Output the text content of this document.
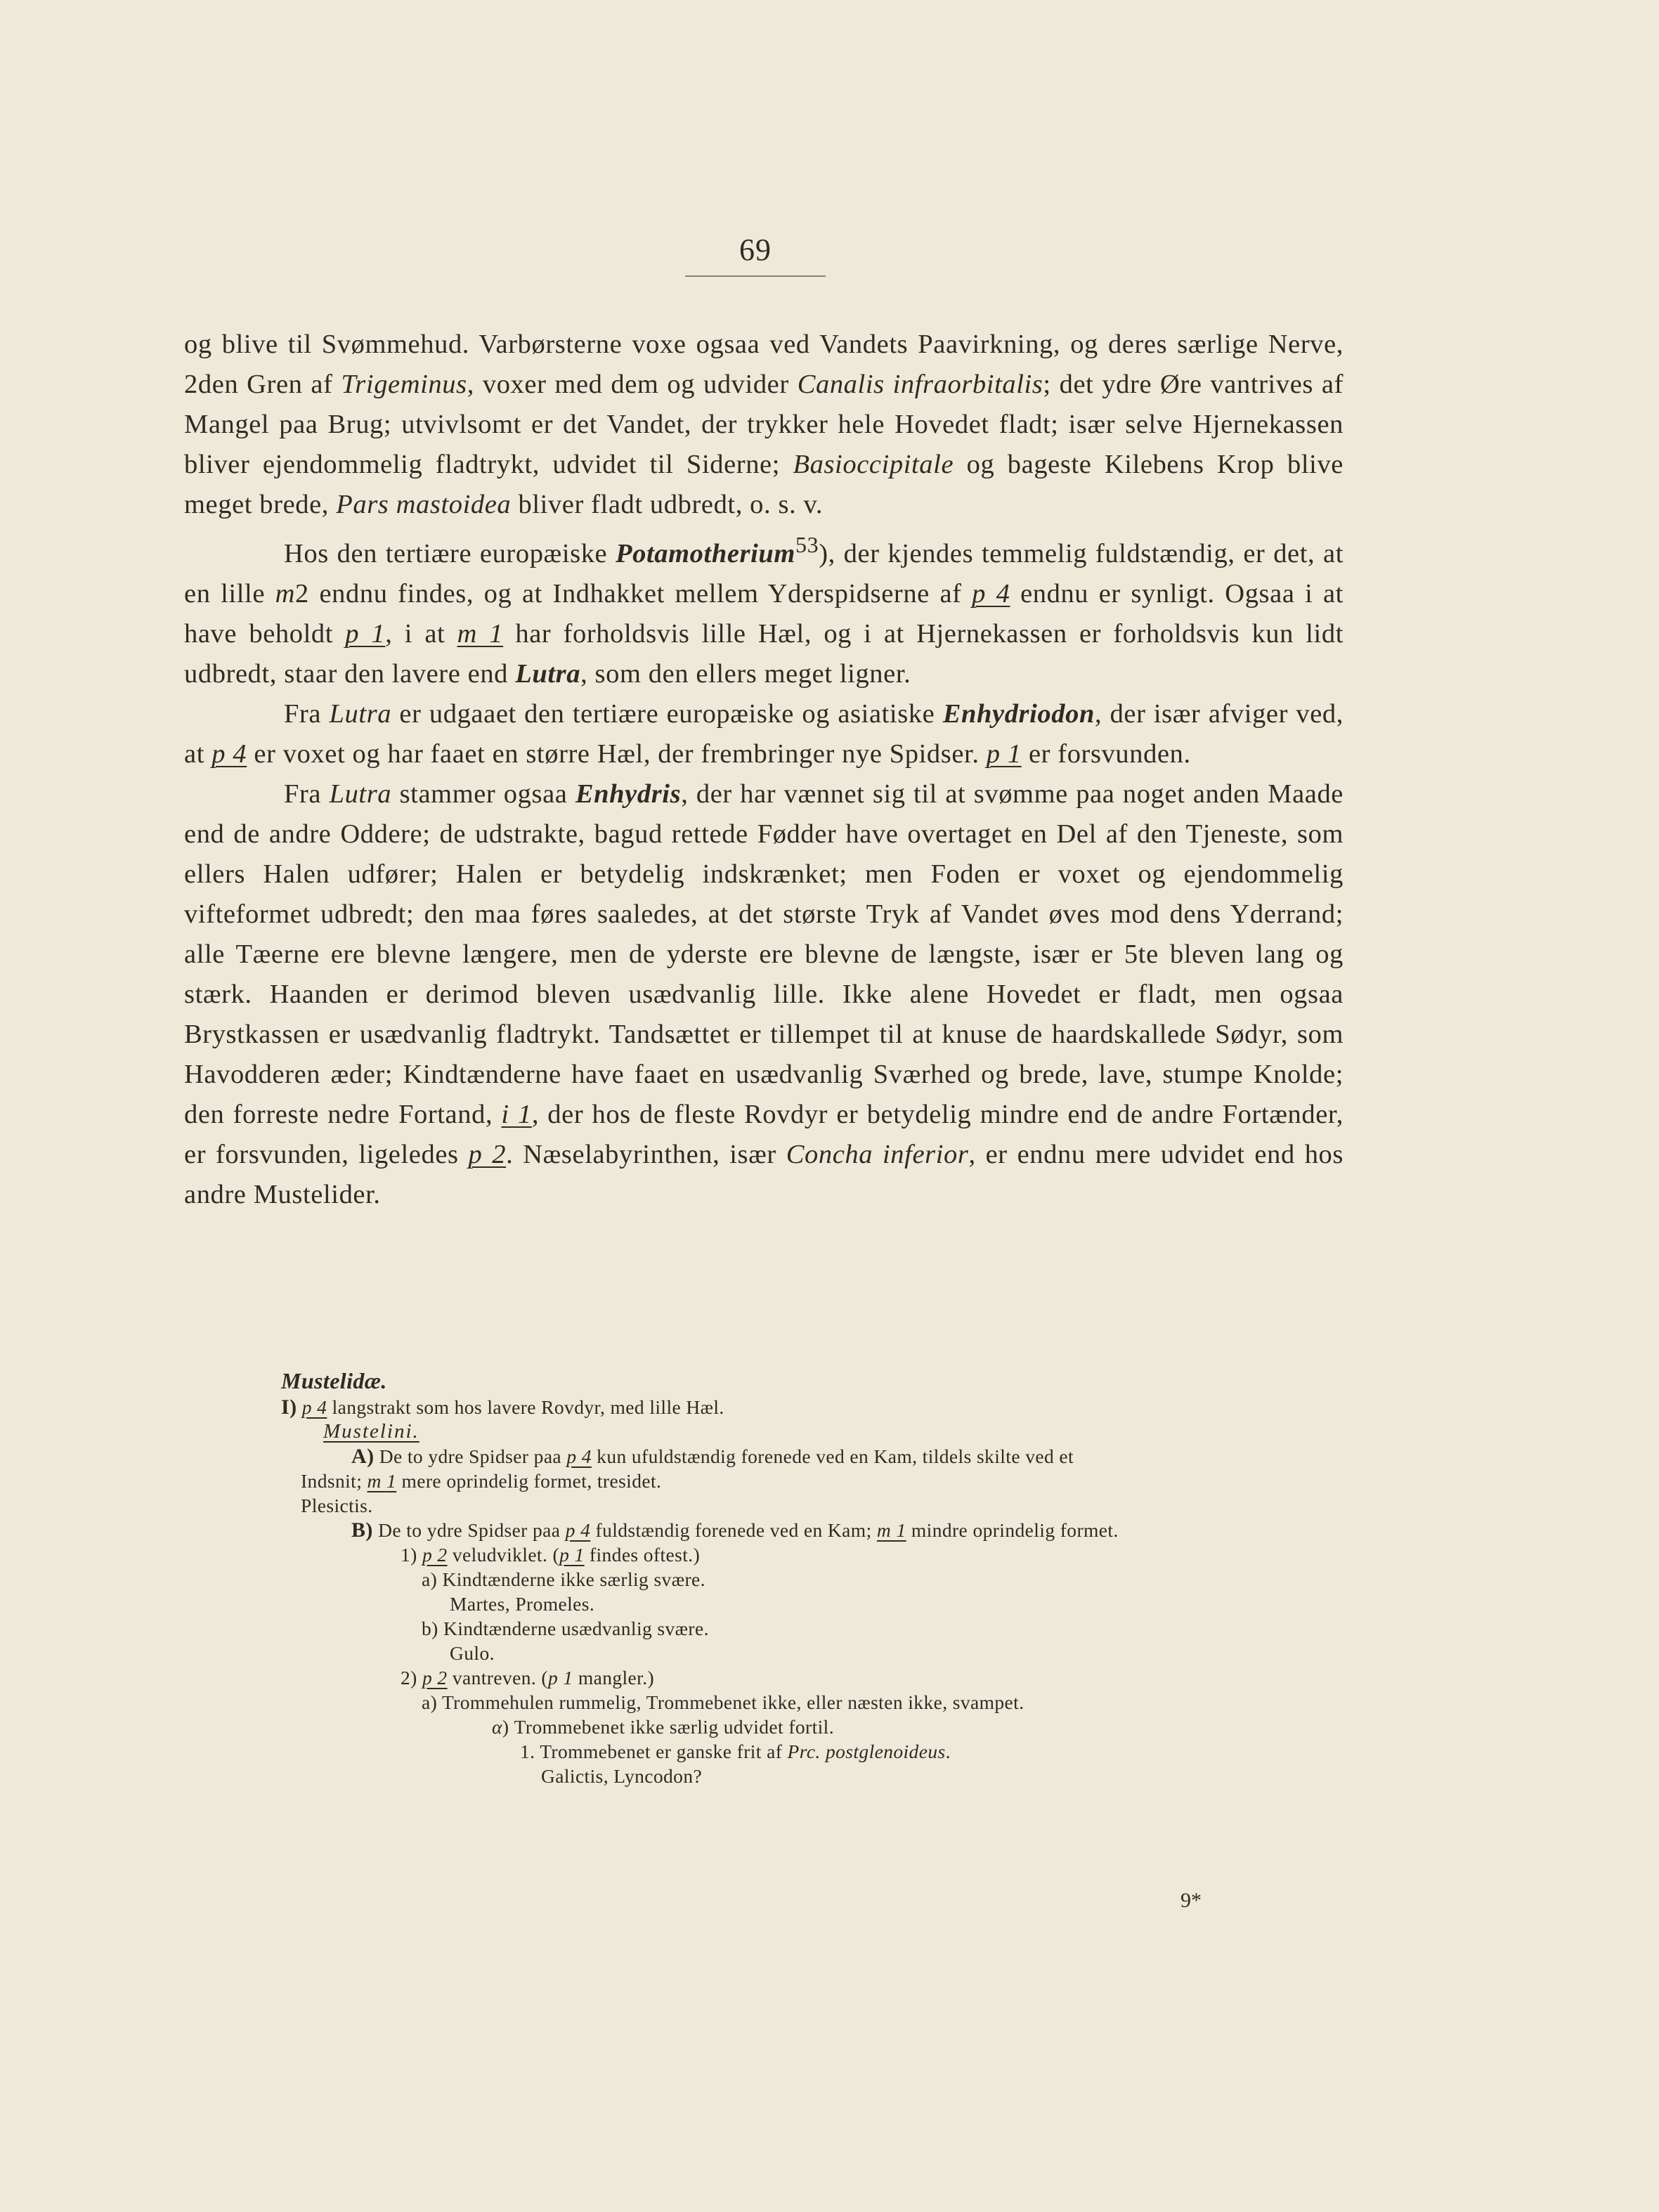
69

og blive til Svømmehud. Varbørsterne voxe ogsaa ved Vandets Paavirkning, og deres særlige Nerve, 2den Gren af Trigeminus, voxer med dem og udvider Canalis infraorbitalis; det ydre Øre vantrives af Mangel paa Brug; utvivlsomt er det Vandet, der trykker hele Hovedet fladt; især selve Hjernekassen bliver ejendommelig fladtrykt, udvidet til Siderne; Basioccipitale og bageste Kilebens Krop blive meget brede, Pars mastoidea bliver fladt udbredt, o. s. v.

Hos den tertiære europæiske Potamotherium$^{53}$), der kjendes temmelig fuldstændig, er det, at en lille m2 endnu findes, og at Indhakket mellem Yderspidserne af p 4 endnu er synligt. Ogsaa i at have beholdt p 1, i at m 1 har forholdsvis lille Hæl, og i at Hjernekassen er forholdsvis kun lidt udbredt, staar den lavere end Lutra, som den ellers meget ligner.

Fra Lutra er udgaaet den tertiære europæiske og asiatiske Enhydriodon, der især afviger ved, at p 4 er voxet og har faaet en større Hæl, der frembringer nye Spidser. p 1 er forsvunden.

Fra Lutra stammer ogsaa Enhydris, der har vænnet sig til at svømme paa noget anden Maade end de andre Oddere; de udstrakte, bagud rettede Fødder have overtaget en Del af den Tjeneste, som ellers Halen udfører; Halen er betydelig indskrænket; men Foden er voxet og ejendommelig vifteformet udbredt; den maa føres saaledes, at det største Tryk af Vandet øves mod dens Yderrand; alle Tæerne ere blevne længere, men de yderste ere blevne de længste, især er 5te bleven lang og stærk. Haanden er derimod bleven usædvanlig lille. Ikke alene Hovedet er fladt, men ogsaa Brystkassen er usædvanlig fladtrykt. Tandsættet er tillempet til at knuse de haardskallede Sødyr, som Havodderen æder; Kindtænderne have faaet en usædvanlig Sværhed og brede, lave, stumpe Knolde; den forreste nedre Fortand, i 1, der hos de fleste Rovdyr er betydelig mindre end de andre Fortænder, er forsvunden, ligeledes p 2. Næselabyrinthen, især Concha inferior, er endnu mere udvidet end hos andre Mustelider.

Mustelidæ.
I) p 4 langstrakt som hos lavere Rovdyr, med lille Hæl.
Mustelini.
A) De to ydre Spidser paa p 4 kun ufuldstændig forenede ved en Kam, tildels skilte ved et
Indsnit; m 1 mere oprindelig formet, tresidet.
Plesictis.
B) De to ydre Spidser paa p 4 fuldstændig forenede ved en Kam; m 1 mindre oprindelig formet.
1) p 2 veludviklet. (p 1 findes oftest.)
a) Kindtænderne ikke særlig svære.
Martes, Promeles.
b) Kindtænderne usædvanlig svære.
Gulo.
2) p 2 vantreven. (p 1 mangler.)
a) Trommehulen rummelig, Trommebenet ikke, eller næsten ikke, svampet.
α) Trommebenet ikke særlig udvidet fortil.
1. Trommebenet er ganske frit af Prc. postglenoideus.
Galictis, Lyncodon?
9*
